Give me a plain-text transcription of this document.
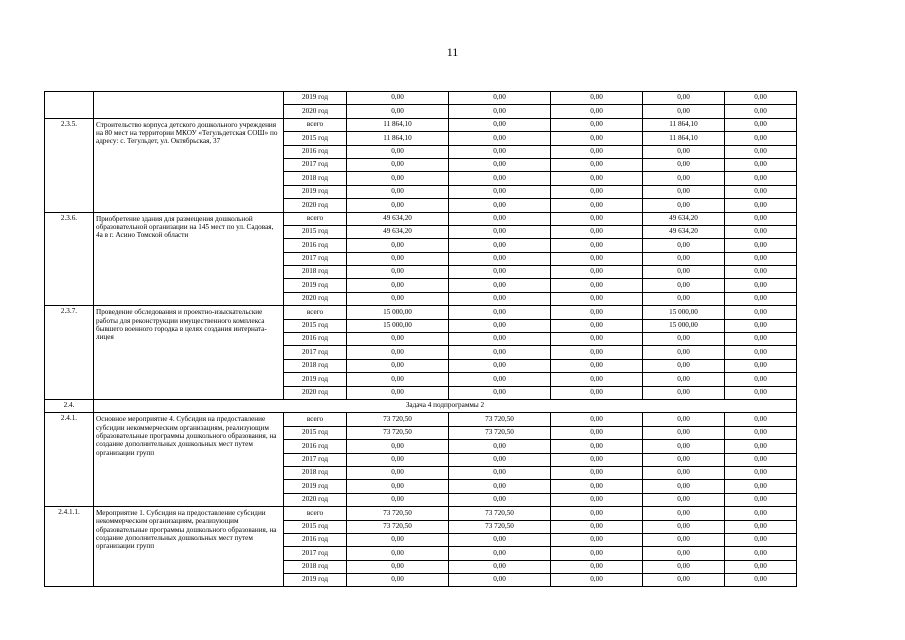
11
		2019 год	0,00	0,00	0,00	0,00	0,00
		2020 год	0,00	0,00	0,00	0,00	0,00
2.3.5.	Строительство корпуса детского дошкольного учреждения на 80 мест на территории МКОУ «Тегульдетская СОШ» по адресу: с. Тегульдет, ул. Октябрьская, 37	всего	11 864,10	0,00	0,00	11 864,10	0,00
		2015 год	11 864,10	0,00	0,00	11 864,10	0,00
		2016 год	0,00	0,00	0,00	0,00	0,00
		2017 год	0,00	0,00	0,00	0,00	0,00
		2018 год	0,00	0,00	0,00	0,00	0,00
		2019 год	0,00	0,00	0,00	0,00	0,00
		2020 год	0,00	0,00	0,00	0,00	0,00
2.3.6.	Приобретение здания для размещения дошкольной образовательной организации на 145 мест по ул. Садовая, 4а в г. Асино Томской области	всего	49 634,20	0,00	0,00	49 634,20	0,00
		2015 год	49 634,20	0,00	0,00	49 634,20	0,00
		2016 год	0,00	0,00	0,00	0,00	0,00
		2017 год	0,00	0,00	0,00	0,00	0,00
		2018 год	0,00	0,00	0,00	0,00	0,00
		2019 год	0,00	0,00	0,00	0,00	0,00
		2020 год	0,00	0,00	0,00	0,00	0,00
2.3.7.	Проведение обследования и проектно-изыскательские работы для реконструкции имущественного комплекса бывшего военного городка в целях создания интерната-лицея	всего	15 000,00	0,00	0,00	15 000,00	0,00
		2015 год	15 000,00	0,00	0,00	15 000,00	0,00
		2016 год	0,00	0,00	0,00	0,00	0,00
		2017 год	0,00	0,00	0,00	0,00	0,00
		2018 год	0,00	0,00	0,00	0,00	0,00
		2019 год	0,00	0,00	0,00	0,00	0,00
		2020 год	0,00	0,00	0,00	0,00	0,00
2.4.	Задача 4 подпрограммы 2						
2.4.1.	Основное мероприятие 4. Субсидия на предоставление субсидии некоммерческим организациям, реализующим образовательные программы дошкольного образования, на создание дополнительных дошкольных мест путем организации групп	всего	73 720,50	73 720,50	0,00	0,00	0,00
		2015 год	73 720,50	73 720,50	0,00	0,00	0,00
		2016 год	0,00	0,00	0,00	0,00	0,00
		2017 год	0,00	0,00	0,00	0,00	0,00
		2018 год	0,00	0,00	0,00	0,00	0,00
		2019 год	0,00	0,00	0,00	0,00	0,00
		2020 год	0,00	0,00	0,00	0,00	0,00
2.4.1.1.	Мероприятие 1. Субсидия на предоставление субсидии некоммерческим организациям, реализующим образовательные программы дошкольного образования, на создание дополнительных дошкольных мест путем организации групп	всего	73 720,50	73 720,50	0,00	0,00	0,00
		2015 год	73 720,50	73 720,50	0,00	0,00	0,00
		2016 год	0,00	0,00	0,00	0,00	0,00
		2017 год	0,00	0,00	0,00	0,00	0,00
		2018 год	0,00	0,00	0,00	0,00	0,00
		2019 год	0,00	0,00	0,00	0,00	0,00
